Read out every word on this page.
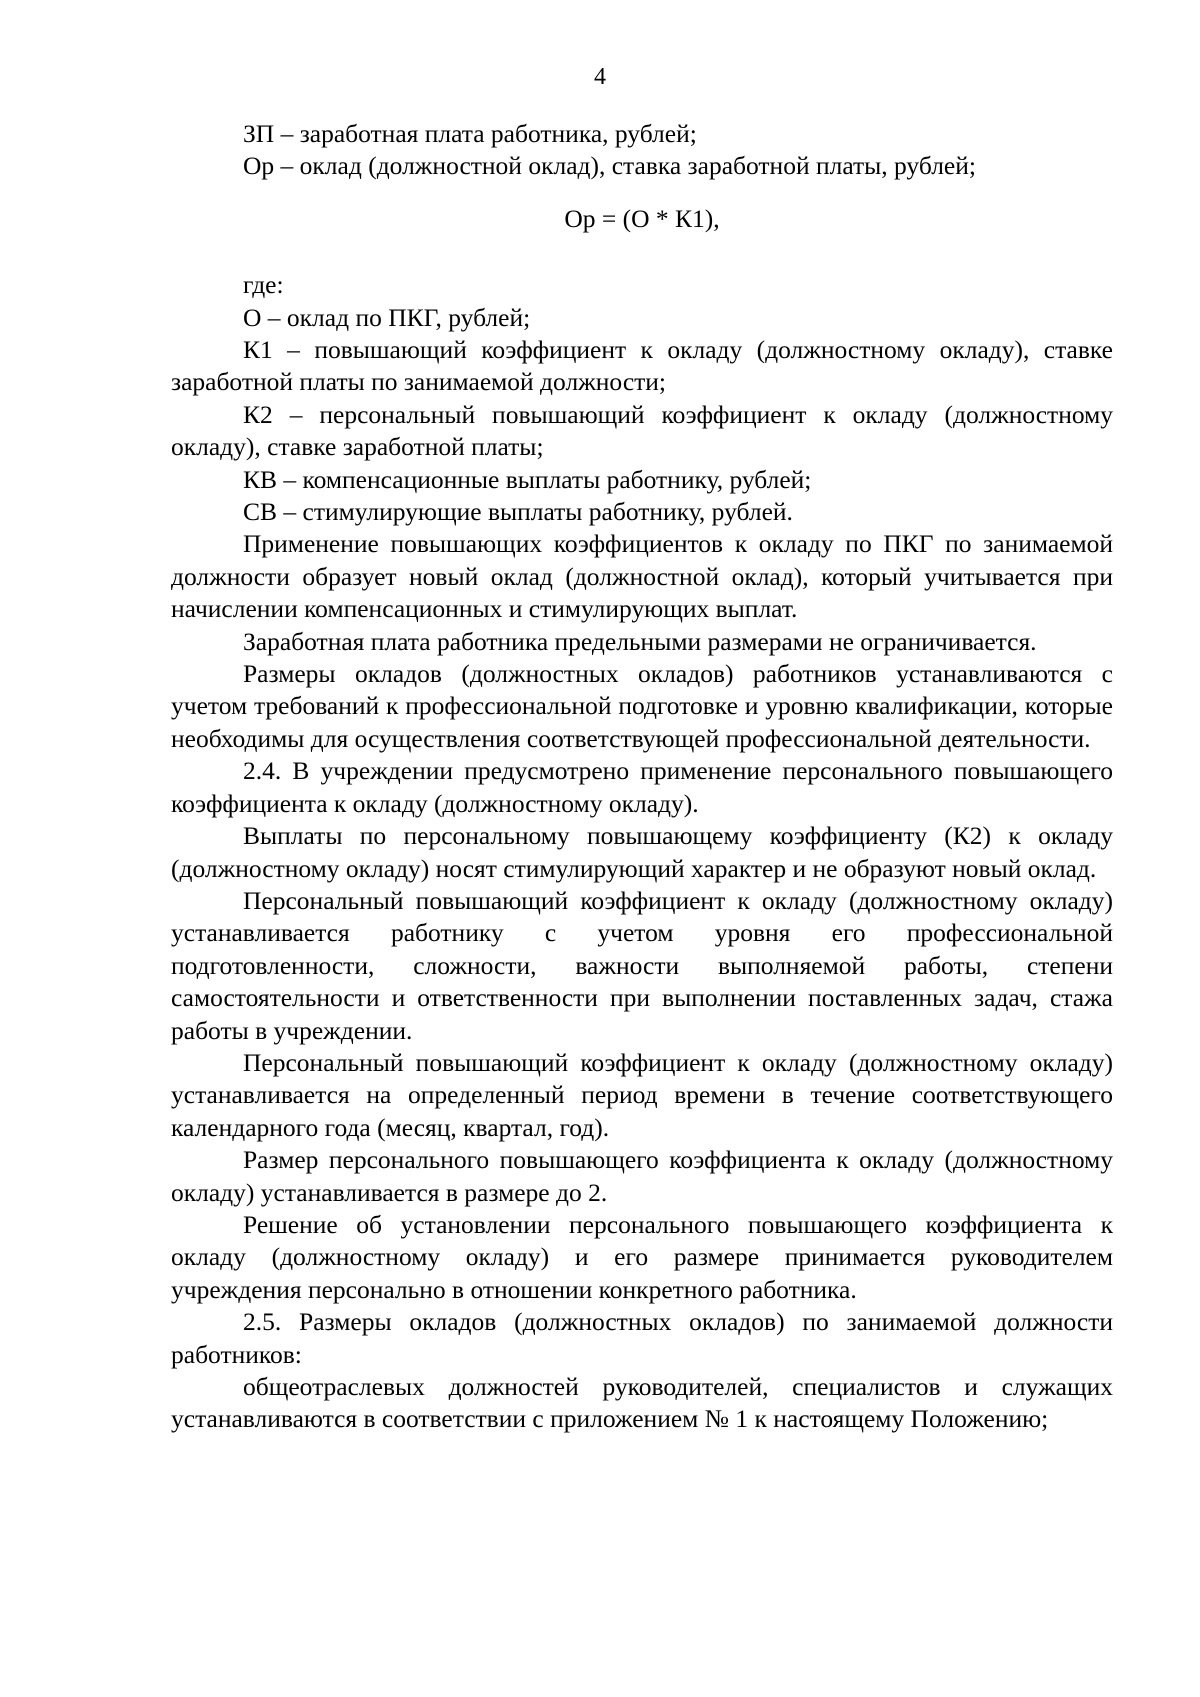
4

ЗП – заработная плата работника, рублей;

Ор – оклад (должностной оклад), ставка заработной платы, рублей;

Ор = (О * К1),

где:

О – оклад по ПКГ, рублей;

К1 – повышающий коэффициент к окладу (должностному окладу), ставке заработной платы по занимаемой должности;

К2 – персональный повышающий коэффициент к окладу (должностному окладу), ставке заработной платы;

КВ – компенсационные выплаты работнику, рублей;

СВ – стимулирующие выплаты работнику, рублей.

Применение повышающих коэффициентов к окладу по ПКГ по занимаемой должности образует новый оклад (должностной оклад), который учитывается при начислении компенсационных и стимулирующих выплат.

Заработная плата работника предельными размерами не ограничивается.

Размеры окладов (должностных окладов) работников устанавливаются с учетом требований к профессиональной подготовке и уровню квалификации, которые необходимы для осуществления соответствующей профессиональной деятельности.

2.4. В учреждении предусмотрено применение персонального повышающего коэффициента к окладу (должностному окладу).

Выплаты по персональному повышающему коэффициенту (К2) к окладу (должностному окладу) носят стимулирующий характер и не образуют новый оклад.

Персональный повышающий коэффициент к окладу (должностному окладу) устанавливается работнику с учетом уровня его профессиональной подготовленности, сложности, важности выполняемой работы, степени самостоятельности и ответственности при выполнении поставленных задач, стажа работы в учреждении.

Персональный повышающий коэффициент к окладу (должностному окладу) устанавливается на определенный период времени в течение соответствующего календарного года (месяц, квартал, год).

Размер персонального повышающего коэффициента к окладу (должностному окладу) устанавливается в размере до 2.

Решение об установлении персонального повышающего коэффициента к окладу (должностному окладу) и его размере принимается руководителем учреждения персонально в отношении конкретного работника.

2.5. Размеры окладов (должностных окладов) по занимаемой должности работников:

общеотраслевых должностей руководителей, специалистов и служащих устанавливаются в соответствии с приложением № 1 к настоящему Положению;
